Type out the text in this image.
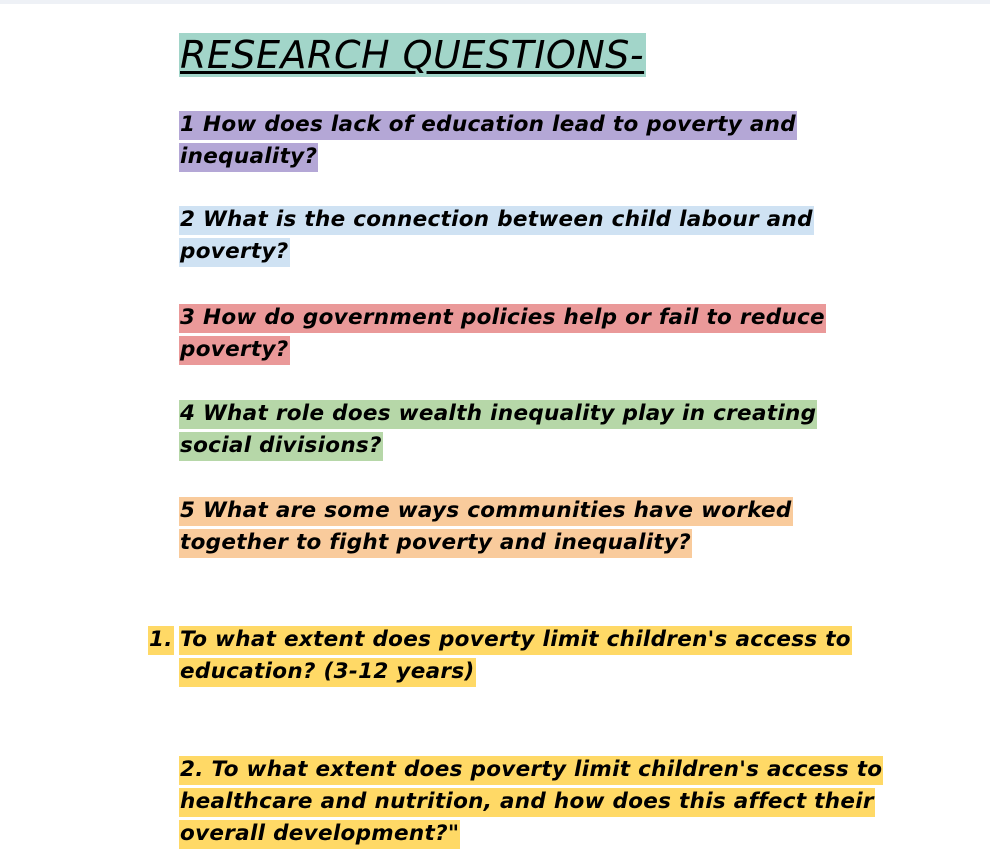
RESEARCH QUESTIONS-

1 How does lack of education lead to poverty and
inequality?

2 What is the connection between child labour and
poverty?

3 How do government policies help or fail to reduce
poverty?

4 What role does wealth inequality play in creating
social divisions?

5 What are some ways communities have worked
together to fight poverty and inequality?

1. To what extent does poverty limit children's access to
education? (3-12 years)

2. To what extent does poverty limit children's access to
healthcare and nutrition, and how does this affect their
overall development?"
